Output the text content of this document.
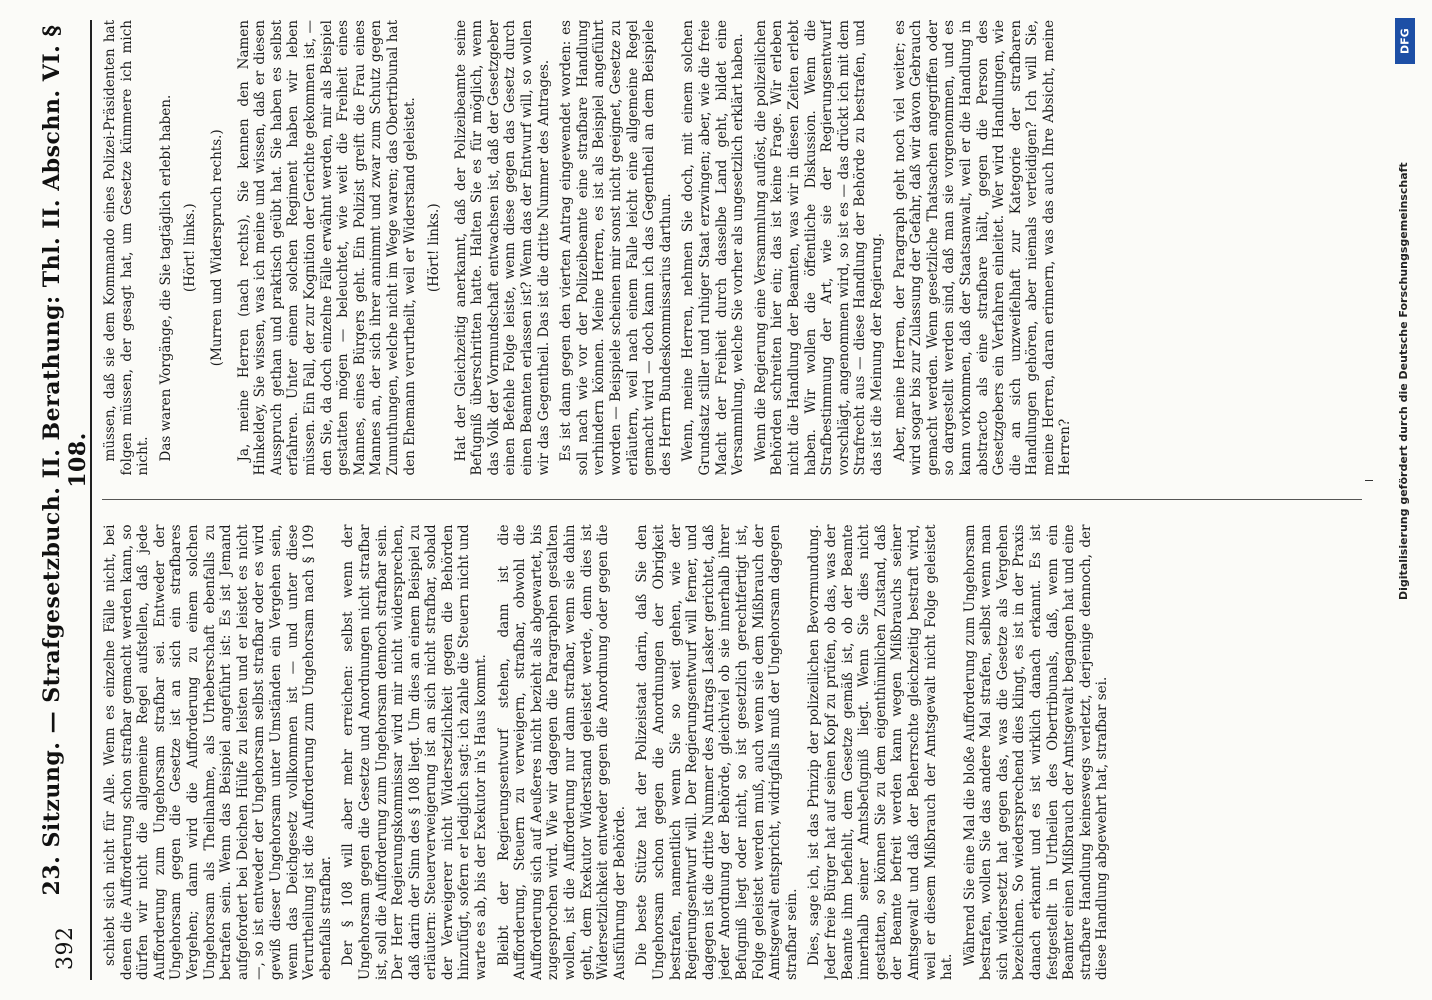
392
23. Sitzung. — Strafgesetzbuch. II. Berathung: Thl. II. Abschn. VI. § 108.

schiebt sich nicht für Alle. Wenn es einzelne Fälle nicht, bei denen die Aufforderung schon strafbar gemacht werden kann, so dürfen wir nicht die allgemeine Regel aufstellen, daß jede Aufforderung zum Ungehorsam strafbar sei. Entweder der Ungehorsam gegen die Gesetze ist an sich ein strafbares Vergehen; dann wird die Aufforderung zu einem solchen Ungehorsam als Theilnahme, als Urheberschaft ebenfalls zu betrafen sein. Wenn das Beispiel angeführt ist: Es ist Jemand aufgefordert bei Deichen Hülfe zu leisten und er leistet es nicht —, so ist entweder der Ungehorsam selbst strafbar oder es wird gewiß dieser Ungehorsam unter Umständen ein Vergehen sein, wenn das Deichgesetz vollkommen ist — und unter diese Verurtheilung ist die Aufforderung zum Ungehorsam nach § 109 ebenfalls strafbar. Der § 108 will aber mehr erreichen: selbst wenn der Ungehorsam gegen die Gesetze und Anordnungen nicht strafbar ist, soll die Aufforderung zum Ungehorsam dennoch strafbar sein. Der Herr Regierungskommissar wird mir nicht widersprechen, daß darin der Sinn des § 108 liegt. Um dies an einem Beispiel zu erläutern: Steuerverweigerung ist an sich nicht strafbar, sobald der Verweigerer nicht Widersetzlichkeit gegen die Behörden hinzufügt, sofern er lediglich sagt: ich zahle die Steuern nicht und warte es ab, bis der Exekutor in's Haus kommt. Bleibt der Regierungsentwurf stehen, dann ist die Aufforderung, Steuern zu verweigern, strafbar, obwohl die Aufforderung sich auf Aeußeres nicht bezieht als abgewartet, bis zugesprochen wird. Wie wir dagegen die Paragraphen gestalten wollen, ist die Aufforderung nur dann strafbar, wenn sie dahin geht, dem Exekutor Widerstand geleistet werde, denn dies ist Widersetzlichkeit entweder gegen die Anordnung oder gegen die Ausführung der Behörde. Die beste Stütze hat der Polizeistaat darin, daß Sie den Ungehorsam schon gegen die Anordnungen der Obrigkeit bestrafen, namentlich wenn Sie so weit gehen, wie der Regierungsentwurf will. Der Regierungsentwurf will ferner, und dagegen ist die dritte Nummer des Antrags Lasker gerichtet, daß jeder Anordnung der Behörde, gleichviel ob sie innerhalb ihrer Befugniß liegt oder nicht, so ist gesetzlich gerechtfertigt ist, Folge geleistet werden muß, auch wenn sie dem Mißbrauch der Amtsgewalt entspricht, widrigfalls muß der Ungehorsam dagegen strafbar sein. Dies, sage ich, ist das Prinzip der polizeilichen Bevormundung. Jeder freie Bürger hat auf seinen Kopf zu prüfen, ob das, was der Beamte ihm befiehlt, dem Gesetze gemäß ist, ob der Beamte innerhalb seiner Amtsbefugniß liegt. Wenn Sie dies nicht gestatten, so können Sie zu dem eigenthümlichen Zustand, daß der Beamte befreit werden kann wegen Mißbrauchs seiner Amtsgewalt und daß der Beherrschte gleichzeitig bestraft wird, weil er diesem Mißbrauch der Amtsgewalt nicht Folge geleistet hat.

Während Sie eine Mal die bloße Aufforderung zum Ungehorsam bestrafen, wollen Sie das andere Mal strafen, selbst wenn man sich widersetzt hat gegen das, was die Gesetze als Vergehen bezeichnen. So wiedersprechend dies klingt, es ist in der Praxis danach erkannt und es ist wirklich danach erkannt. Es ist festgestellt in Urtheilen des Obertribunals, daß, wenn ein Beamter einen Mißbrauch der Amtsgewalt begangen hat und eine strafbare Handlung keineswegs verletzt, derjenige dennoch, der diese Handlung abgewehrt hat, strafbar sei.

müssen, daß sie dem Kommando eines Polizei-Präsidenten hat folgen müssen, der gesagt hat, um Gesetze kümmere ich mich nicht. Das waren Vorgänge, die Sie tagtäglich erlebt haben. (Hört! links.) (Murren und Widerspruch rechts.) Ja, meine Herren (nach rechts), Sie kennen den Namen Hinkeldey, Sie wissen, was ich meine und wissen, daß er diesen Ausspruch gethan und praktisch geübt hat. Sie haben es selbst erfahren. Unter einem solchen Regiment haben wir leben müssen. Ein Fall, der zur Kognition der Gerichte gekommen ist, — den Sie, da doch einzelne Fälle erwähnt werden, mir als Beispiel gestatten mögen — beleuchtet, wie weit die Freiheit eines Mannes, eines Bürgers geht. Ein Polizist greift die Frau eines Mannes an, der sich ihrer annimmt und zwar zum Schutz gegen Zumuthungen, welche nicht im Wege waren; das Obertribunal hat den Ehemann verurtheilt, weil er Widerstand geleistet. (Hört! links.) Hat der Gleichzeitig anerkannt, daß der Polizeibeamte seine Befugniß überschritten hatte. Halten Sie es für möglich, wenn das Volk der Vormundschaft entwachsen ist, daß der Gesetzgeber einen Befehle Folge leiste, wenn diese gegen das Gesetz durch einen Beamten erlassen ist? Wenn das der Entwurf will, so wollen wir das Gegentheil. Das ist die dritte Nummer des Antrages. Es ist dann gegen den vierten Antrag eingewendet worden: es soll nach wie vor der Polizeibeamte eine strafbare Handlung verhindern können. Meine Herren, es ist als Beispiel angeführt worden — Beispiele scheinen mir sonst nicht geeignet, Gesetze zu erläutern, weil nach einem Falle leicht eine allgemeine Regel gemacht wird — doch kann ich das Gegentheil an dem Beispiele des Herrn Bundeskommissarius darthun. Wenn, meine Herren, nehmen Sie doch, mit einem solchen Grundsatz stiller und ruhiger Staat erzwingen; aber, wie die freie Macht der Freiheit durch dasselbe Land geht, bildet eine Versammlung, welche Sie vorher als ungesetzlich erklärt haben. Wenn die Regierung eine Versammlung auflöst, die polizeilichen Behörden schreiten hier ein; das ist keine Frage. Wir erleben nicht die Handlung der Beamten, was wir in diesen Zeiten erlebt haben. Wir wollen die öffentliche Diskussion. Wenn die Strafbestimmung der Art, wie sie der Regierungsentwurf vorschlägt, angenommen wird, so ist es — das drückt ich mit dem Strafrecht aus — diese Handlung der Behörde zu bestrafen, und das ist die Meinung der Regierung. Aber, meine Herren, der Paragraph geht noch viel weiter; es wird sogar bis zur Zulassung der Gefahr, daß wir davon Gebrauch gemacht werden. Wenn gesetzliche Thatsachen angegriffen oder so dargestellt werden sind, daß man sie vorgenommen, und es kann vorkommen, daß der Staatsanwalt, weil er die Handlung in abstracto als eine strafbare hält, gegen die Person des Gesetzgebers ein Verfahren einleitet. Wer wird Handlungen, wie die an sich unzweifelhaft zur Kategorie der strafbaren Handlungen gehören, aber niemals verteidigen? Ich will Sie, meine Herren, daran erinnern, was das auch Ihre Absicht, meine Herren?

DFG
Digitalisierung gefördert durch die Deutsche Forschungsgemeinschaft
